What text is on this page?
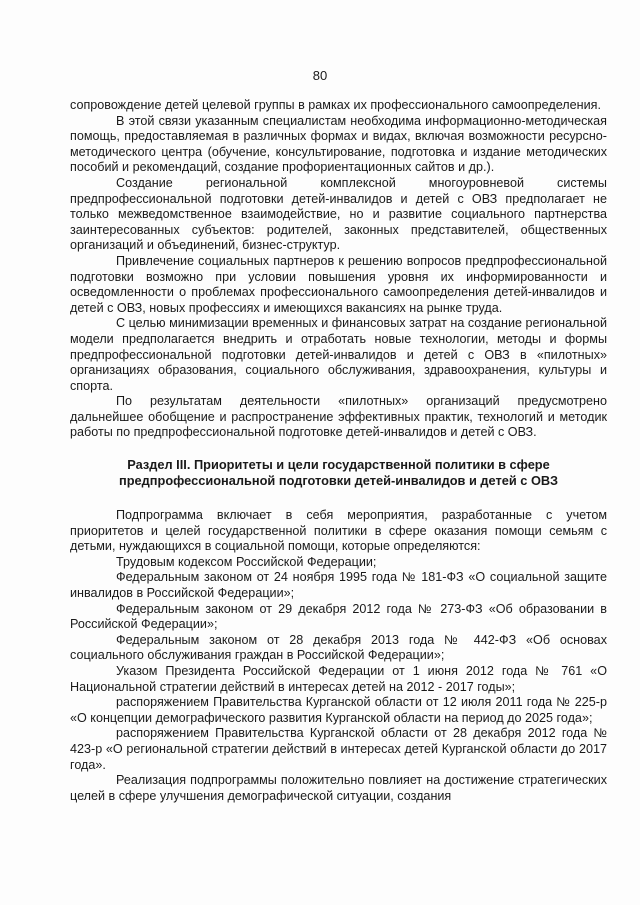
80

сопровождение детей целевой группы в рамках их профессионального самоопределения.

В этой связи указанным специалистам необходима информационно-методическая помощь, предоставляемая в различных формах и видах, включая возможности ресурсно-методического центра (обучение, консультирование, подготовка и издание методических пособий и рекомендаций, создание профориентационных сайтов и др.).

Создание региональной комплексной многоуровневой системы предпрофессиональной подготовки детей-инвалидов и детей с ОВЗ предполагает не только межведомственное взаимодействие, но и развитие социального партнерства заинтересованных субъектов: родителей, законных представителей, общественных организаций и объединений, бизнес-структур.

Привлечение социальных партнеров к решению вопросов предпрофессиональной подготовки возможно при условии повышения уровня их информированности и осведомленности о проблемах профессионального самоопределения детей-инвалидов и детей с ОВЗ, новых профессиях и имеющихся вакансиях на рынке труда.

С целью минимизации временных и финансовых затрат на создание региональной модели предполагается внедрить и отработать новые технологии, методы и формы предпрофессиональной подготовки детей-инвалидов и детей с ОВЗ в «пилотных» организациях образования, социального обслуживания, здравоохранения, культуры и спорта.

По результатам деятельности «пилотных» организаций предусмотрено дальнейшее обобщение и распространение эффективных практик, технологий и методик работы по предпрофессиональной подготовке детей-инвалидов и детей с ОВЗ.

Раздел III. Приоритеты и цели государственной политики в сфере
предпрофессиональной подготовки детей-инвалидов и детей с ОВЗ

Подпрограмма включает в себя мероприятия, разработанные с учетом приоритетов и целей государственной политики в сфере оказания помощи семьям с детьми, нуждающихся в социальной помощи, которые определяются:

Трудовым кодексом Российской Федерации;

Федеральным законом от 24 ноября 1995 года № 181-ФЗ «О социальной защите инвалидов в Российской Федерации»;

Федеральным законом от 29 декабря 2012 года № 273-ФЗ «Об образовании в Российской Федерации»;

Федеральным законом от 28 декабря 2013 года № 442-ФЗ «Об основах социального обслуживания граждан в Российской Федерации»;

Указом Президента Российской Федерации от 1 июня 2012 года № 761 «О Национальной стратегии действий в интересах детей на 2012 - 2017 годы»;

распоряжением Правительства Курганской области от 12 июля 2011 года № 225-р «О концепции демографического развития Курганской области на период до 2025 года»;

распоряжением Правительства Курганской области от 28 декабря 2012 года № 423-р «О региональной стратегии действий в интересах детей Курганской области до 2017 года».

Реализация подпрограммы положительно повлияет на достижение стратегических целей в сфере улучшения демографической ситуации, создания
